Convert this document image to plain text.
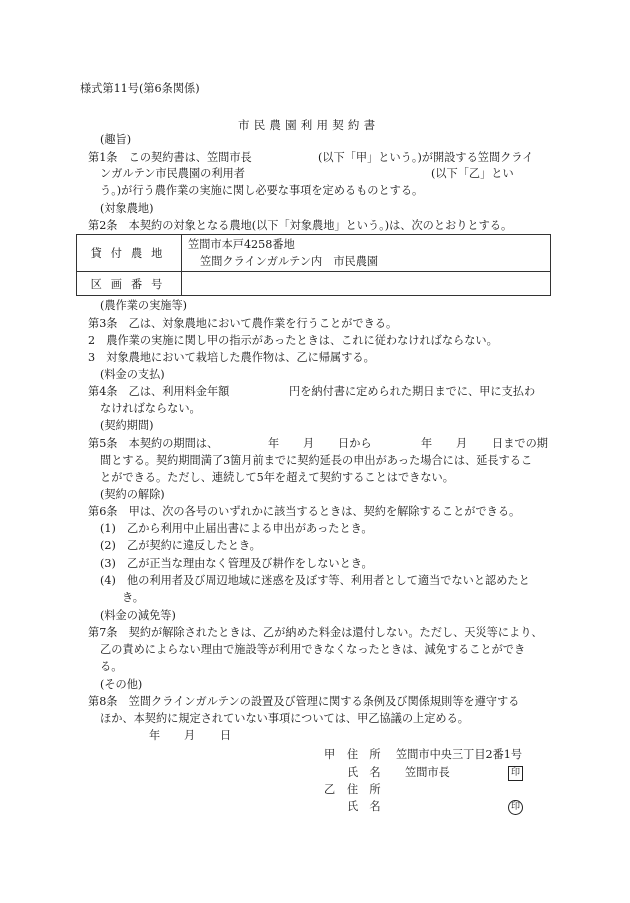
様式第11号(第6条関係)
市民農園利用契約書
(趣旨)
第1条　この契約書は、笠間市長	(以下「甲」という。)が開設する笠間クライ
ンガルテン市民農園の利用者	(以下「乙」とい
う。)が行う農作業の実施に関し必要な事項を定めるものとする。
(対象農地)
第2条　本契約の対象となる農地(以下「対象農地」という。)は、次のとおりとする。
貸付農地	笠間市本戸4258番地
笠間クラインガルテン内　市民農園

区画番号	
(農作業の実施等)
第3条　乙は、対象農地において農作業を行うことができる。
2　農作業の実施に関し甲の指示があったときは、これに従わなければならない。
3　対象農地において栽培した農作物は、乙に帰属する。
(料金の支払)
第4条　乙は、利用料金年額	円を納付書に定められた期日までに、甲に支払わ
なければならない。
(契約期間)
第5条　本契約の期間は、	年 月 日から	年 月 日までの期
間とする。契約期間満了3箇月前までに契約延長の申出があった場合には、延長するこ
とができる。ただし、連続して5年を超えて契約することはできない。
(契約の解除)
第6条　甲は、次の各号のいずれかに該当するときは、契約を解除することができる。
(1)　乙から利用中止届出書による申出があったとき。
(2)　乙が契約に違反したとき。
(3)　乙が正当な理由なく管理及び耕作をしないとき。
(4)　他の利用者及び周辺地域に迷惑を及ぼす等、利用者として適当でないと認めたと
き。
(料金の減免等)
第7条　契約が解除されたときは、乙が納めた料金は還付しない。ただし、天災等により、
乙の責めによらない理由で施設等が利用できなくなったときは、減免することができ
る。
(その他)
第8条　笠間クラインガルテンの設置及び管理に関する条例及び関係規則等を遵守する
ほか、本契約に規定されていない事項については、甲乙協議の上定める。
年 月 日
甲 住　所 笠間市中央三丁目2番1号
氏　名 笠間市長	印
乙 住　所
氏　名	印
